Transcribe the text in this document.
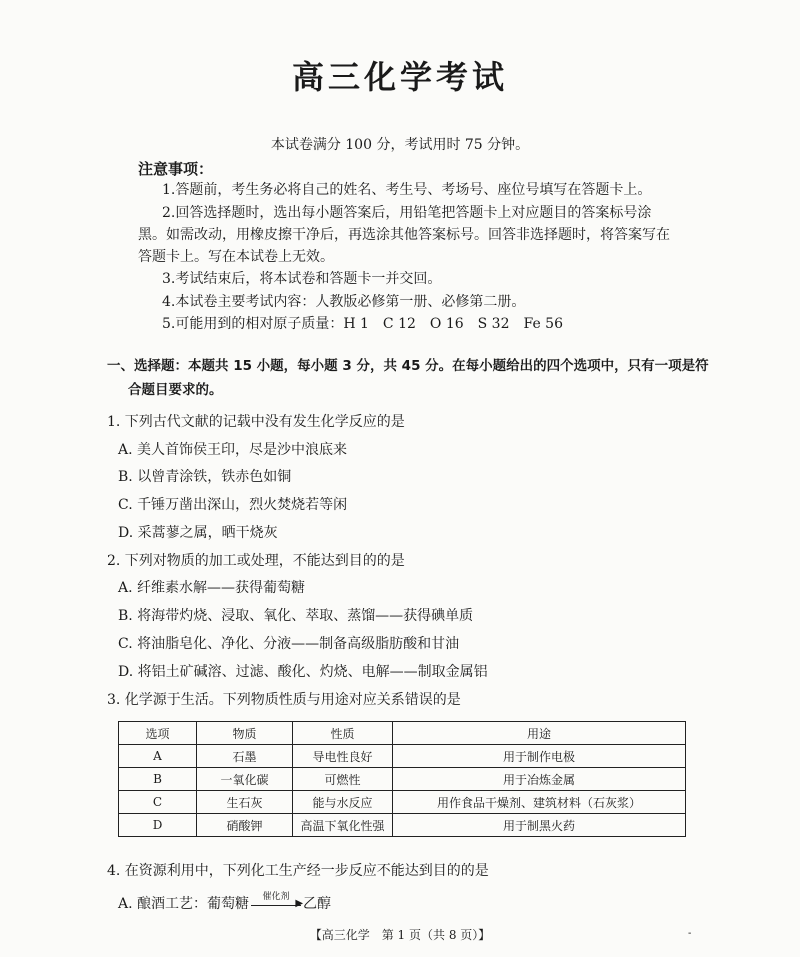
高三化学考试
本试卷满分 100 分，考试用时 75 分钟。
注意事项：
1.答题前，考生务必将自己的姓名、考生号、考场号、座位号填写在答题卡上。
2.回答选择题时，选出每小题答案后，用铅笔把答题卡上对应题目的答案标号涂
黑。如需改动，用橡皮擦干净后，再选涂其他答案标号。回答非选择题时，将答案写在
答题卡上。写在本试卷上无效。
3.考试结束后，将本试卷和答题卡一并交回。
4.本试卷主要考试内容：人教版必修第一册、必修第二册。
5.可能用到的相对原子质量：H 1　C 12　O 16　S 32　Fe 56
一、选择题：本题共 15 小题，每小题 3 分，共 45 分。在每小题给出的四个选项中，只有一项是符
合题目要求的。
1. 下列古代文献的记载中没有发生化学反应的是
A. 美人首饰侯王印，尽是沙中浪底来
B. 以曾青涂铁，铁赤色如铜
C. 千锤万凿出深山，烈火焚烧若等闲
D. 采蒿蓼之属，晒干烧灰
2. 下列对物质的加工或处理，不能达到目的的是
A. 纤维素水解——获得葡萄糖
B. 将海带灼烧、浸取、氧化、萃取、蒸馏——获得碘单质
C. 将油脂皂化、净化、分液——制备高级脂肪酸和甘油
D. 将铝土矿碱溶、过滤、酸化、灼烧、电解——制取金属铝
3. 化学源于生活。下列物质性质与用途对应关系错误的是
选项	物质	性质	用途
A	石墨	导电性良好	用于制作电极
B	一氧化碳	可燃性	用于冶炼金属
C	生石灰	能与水反应	用作食品干燥剂、建筑材料（石灰浆）
D	硝酸钾	高温下氧化性强	用于制黑火药
4. 在资源利用中，下列化工生产经一步反应不能达到目的的是
A. 酿酒工艺：葡萄糖	催化剂
▶ 乙醇
【高三化学　第 1 页（共 8 页）】	-
